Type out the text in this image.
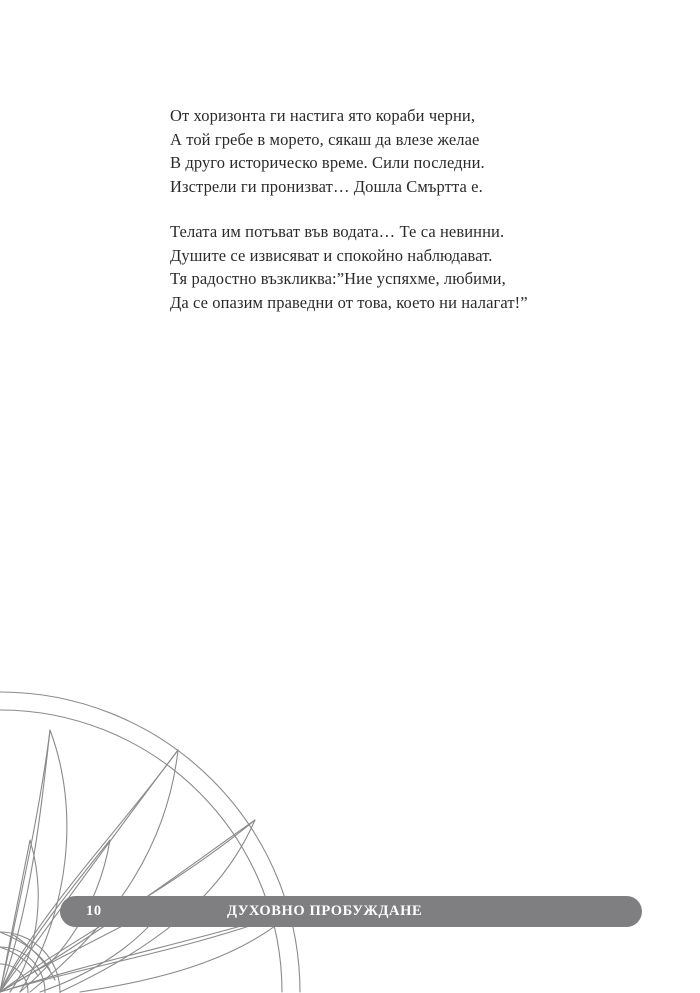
От хоризонта ги настига ято кораби черни,
А той гребе в морето, сякаш да влезе желае
В друго историческо време. Сили последни.
Изстрели ги пронизват… Дошла Смъртта е.
Телата им потъват във водата… Те са невинни.
Душите се извисяват и спокойно наблюдават.
Тя радостно възкликва:”Ние успяхме, любими,
Да се опазим праведни от това, което ни налагат!”
10	ДУХОВНО ПРОБУЖДАНЕ
